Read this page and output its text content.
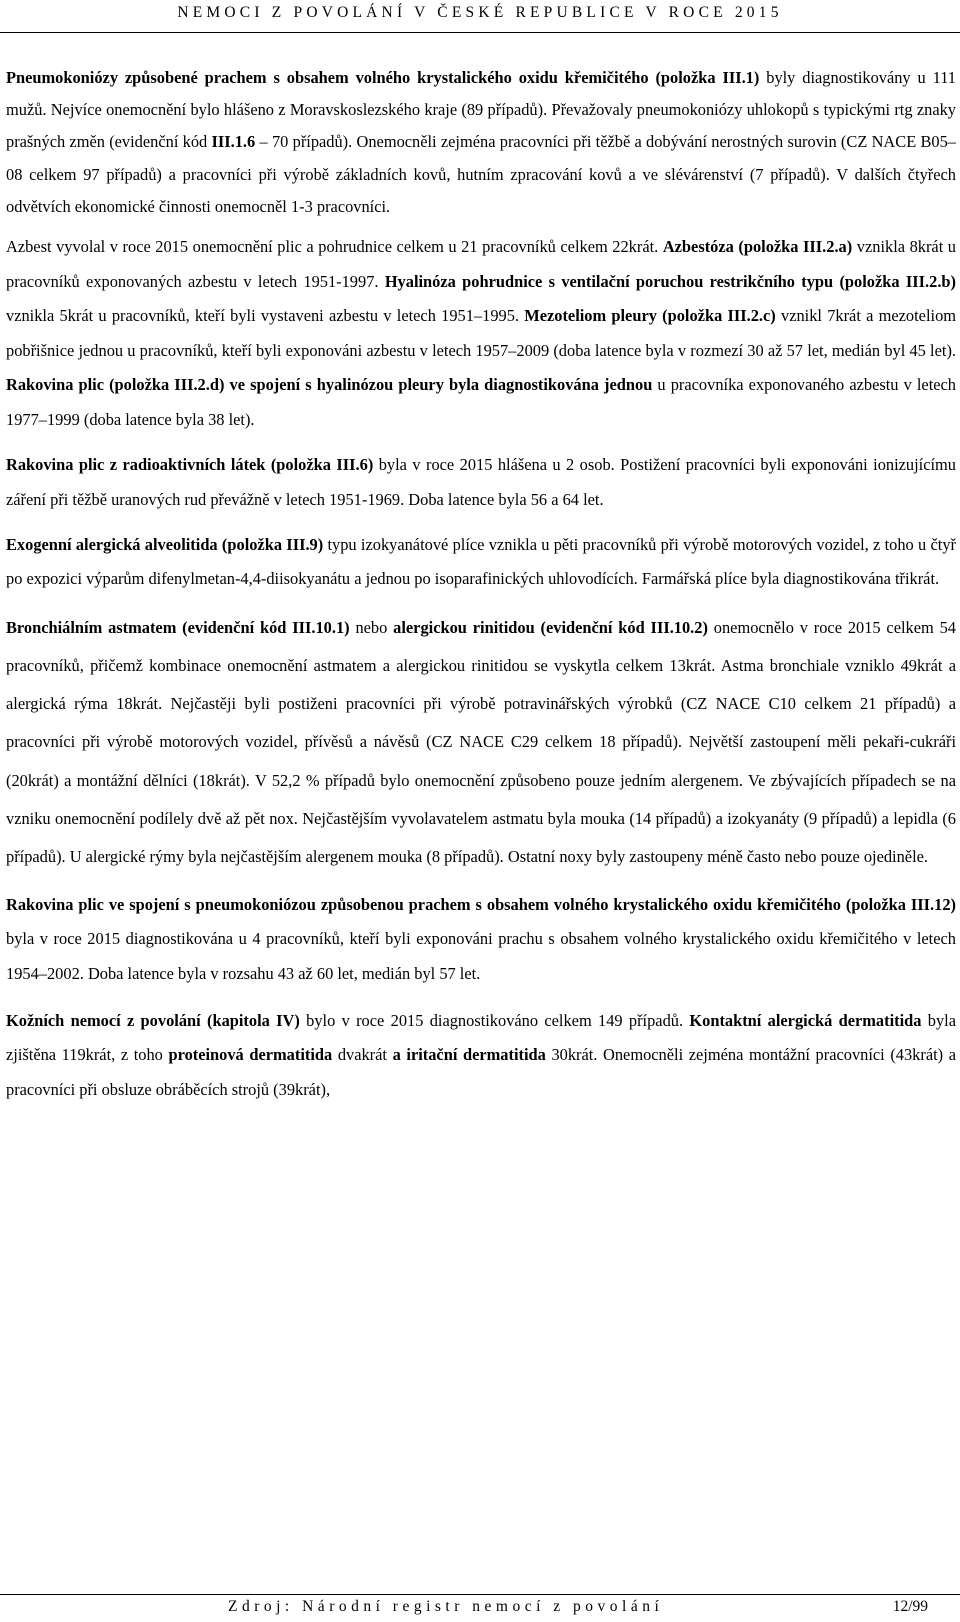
NEMOCI Z POVOLÁNÍ V ČESKÉ REPUBLICE V ROCE 2015

Pneumokoniózy způsobené prachem s obsahem volného krystalického oxidu křemičitého (položka III.1) byly diagnostikovány u 111 mužů. Nejvíce onemocnění bylo hlášeno z Moravskoslezského kraje (89 případů). Převažovaly pneumokoniózy uhlokopů s typickými rtg znaky prašných změn (evidenční kód III.1.6 – 70 případů). Onemocněli zejména pracovníci při těžbě a dobývání nerostných surovin (CZ NACE B05–08 celkem 97 případů) a pracovníci při výrobě základních kovů, hutním zpracování kovů a ve slévárenství (7 případů). V dalších čtyřech odvětvích ekonomické činnosti onemocněl 1-3 pracovníci.

Azbest vyvolal v roce 2015 onemocnění plic a pohrudnice celkem u 21 pracovníků celkem 22krát. Azbestóza (položka III.2.a) vznikla 8krát u pracovníků exponovaných azbestu v letech 1951-1997. Hyalinóza pohrudnice s ventilační poruchou restrikčního typu (položka III.2.b) vznikla 5krát u pracovníků, kteří byli vystaveni azbestu v letech 1951–1995. Mezoteliom pleury (položka III.2.c) vznikl 7krát a mezoteliom pobřišnice jednou u pracovníků, kteří byli exponováni azbestu v letech 1957–2009 (doba latence byla v rozmezí 30 až 57 let, medián byl 45 let). Rakovina plic (položka III.2.d) ve spojení s hyalinózou pleury byla diagnostikována jednou u pracovníka exponovaného azbestu v letech 1977–1999 (doba latence byla 38 let).

Rakovina plic z radioaktivních látek (položka III.6) byla v roce 2015 hlášena u 2 osob. Postižení pracovníci byli exponováni ionizujícímu záření při těžbě uranových rud převážně v letech 1951-1969. Doba latence byla 56 a 64 let.

Exogenní alergická alveolitida (položka III.9) typu izokyanátové plíce vznikla u pěti pracovníků při výrobě motorových vozidel, z toho u čtyř po expozici výparům difenylmetan-4,4-diisokyanátu a jednou po isoparafinických uhlovodících. Farmářská plíce byla diagnostikována třikrát.

Bronchiálním astmatem (evidenční kód III.10.1) nebo alergickou rinitidou (evidenční kód III.10.2) onemocnělo v roce 2015 celkem 54 pracovníků, přičemž kombinace onemocnění astmatem a alergickou rinitidou se vyskytla celkem 13krát. Astma bronchiale vzniklo 49krát a alergická rýma 18krát. Nejčastěji byli postiženi pracovníci při výrobě potravinářských výrobků (CZ NACE C10 celkem 21 případů) a pracovníci při výrobě motorových vozidel, přívěsů a návěsů (CZ NACE C29 celkem 18 případů). Největší zastoupení měli pekaři-cukráři (20krát) a montážní dělníci (18krát). V 52,2 % případů bylo onemocnění způsobeno pouze jedním alergenem. Ve zbývajících případech se na vzniku onemocnění podílely dvě až pět nox. Nejčastějším vyvolavatelem astmatu byla mouka (14 případů) a izokyanáty (9 případů) a lepidla (6 případů). U alergické rýmy byla nejčastějším alergenem mouka (8 případů). Ostatní noxy byly zastoupeny méně často nebo pouze ojediněle.

Rakovina plic ve spojení s pneumokoniózou způsobenou prachem s obsahem volného krystalického oxidu křemičitého (položka III.12) byla v roce 2015 diagnostikována u 4 pracovníků, kteří byli exponováni prachu s obsahem volného krystalického oxidu křemičitého v letech 1954–2002. Doba latence byla v rozsahu 43 až 60 let, medián byl 57 let.

Kožních nemocí z povolání (kapitola IV) bylo v roce 2015 diagnostikováno celkem 149 případů. Kontaktní alergická dermatitida byla zjištěna 119krát, z toho proteinová dermatitida dvakrát a iritační dermatitida 30krát. Onemocněli zejména montážní pracovníci (43krát) a pracovníci při obsluze obráběcích strojů (39krát),

Zdroj: Národní registr nemocí z povolání	12/99
